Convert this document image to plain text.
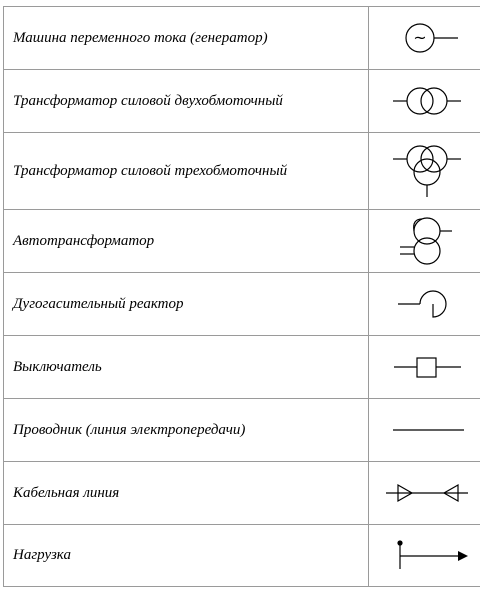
Машина переменного тока (генератор)	~

Трансформатор силовой двухобмоточный	

Трансформатор силовой трехобмоточный	

Автотрансформатор	

Дугогасительный реактор	

Выключатель	

Проводник (линия электропередачи)	

Кабельная линия	

Нагрузка	
